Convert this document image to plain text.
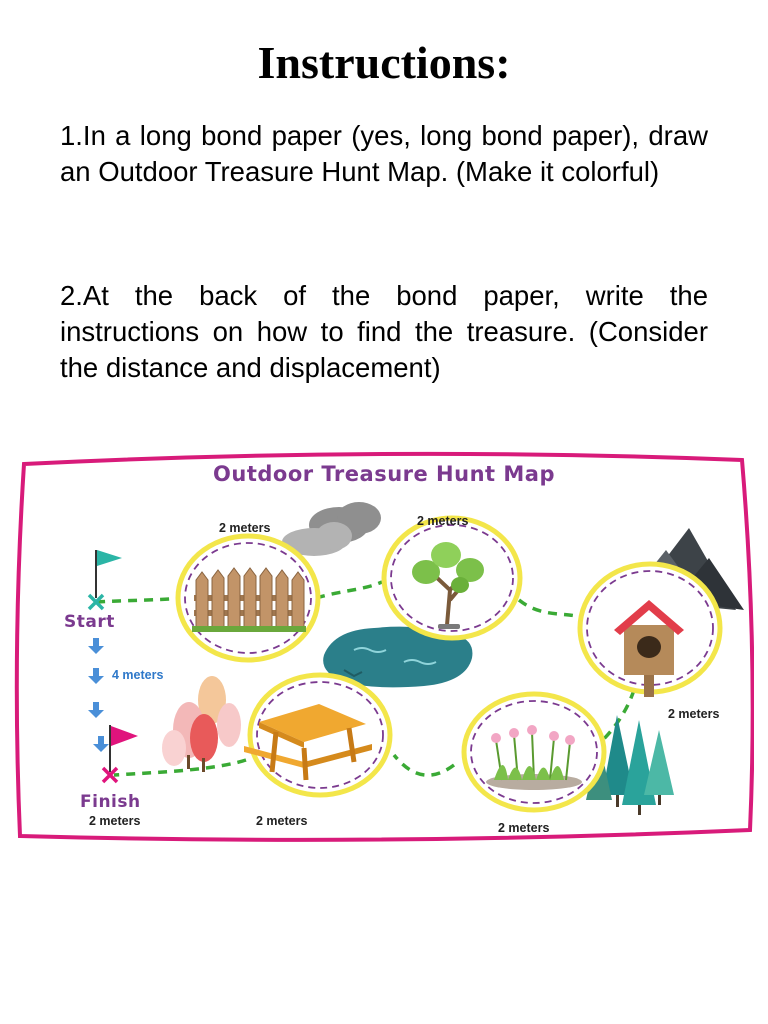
Instructions:

1.In a long bond paper (yes, long bond paper), draw an Outdoor Treasure Hunt Map. (Make it colorful)

2.At the back of the bond paper, write the instructions on how to find the treasure. (Consider the distance and displacement)

Outdoor Treasure Hunt Map
Start
Finish
2 meters	2 meters
2 meters
4 meters
2 meters	2 meters	2 meters
